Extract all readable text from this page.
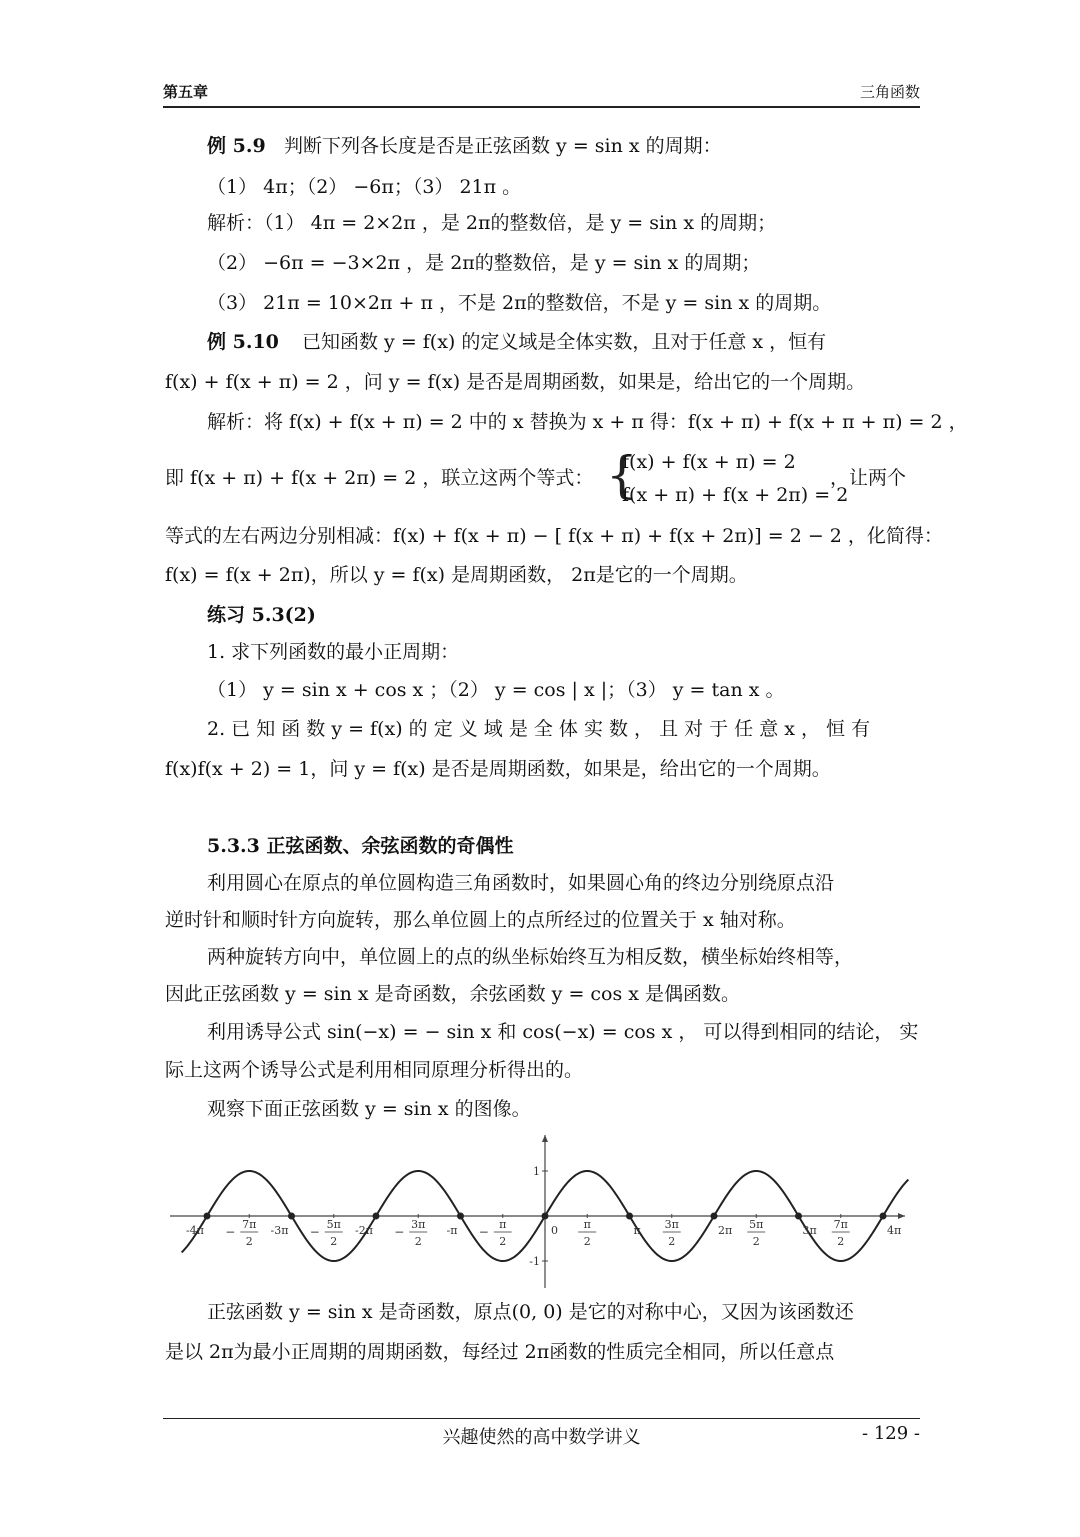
第五章	三角函数
例 5.9 判断下列各长度是否是正弦函数 y = sin x 的周期：
（1） 4π；（2） −6π；（3） 21π 。
解析：（1） 4π = 2×2π ，是 2π的整数倍，是 y = sin x 的周期；
（2） −6π = −3×2π ，是 2π的整数倍，是 y = sin x 的周期；
（3） 21π = 10×2π + π ，不是 2π的整数倍，不是 y = sin x 的周期。
例 5.10 已知函数 y = f(x) 的定义域是全体实数，且对于任意 x ，恒有
f(x) + f(x + π) = 2 ，问 y = f(x) 是否是周期函数，如果是，给出它的一个周期。
解析：将 f(x) + f(x + π) = 2 中的 x 替换为 x + π 得：f(x + π) + f(x + π + π) = 2 ，
即 f(x + π) + f(x + 2π) = 2 ，联立这两个等式： {
f(x) + f(x + π) = 2
f(x + π) + f(x + 2π) = 2
，让两个
等式的左右两边分别相减：f(x) + f(x + π) − [ f(x + π) + f(x + 2π)] = 2 − 2 ，化简得：
f(x) = f(x + 2π)，所以 y = f(x) 是周期函数， 2π是它的一个周期。
练习 5.3(2)
1. 求下列函数的最小正周期：
（1） y = sin x + cos x ；（2） y = cos | x |；（3） y = tan x 。
2. 已 知 函 数 y = f(x) 的 定 义 域 是 全 体 实 数 ， 且 对 于 任 意 x ， 恒 有
f(x)f(x + 2) = 1，问 y = f(x) 是否是周期函数，如果是，给出它的一个周期。
5.3.3 正弦函数、余弦函数的奇偶性
利用圆心在原点的单位圆构造三角函数时，如果圆心角的终边分别绕原点沿
逆时针和顺时针方向旋转，那么单位圆上的点所经过的位置关于 x 轴对称。
两种旋转方向中，单位圆上的点的纵坐标始终互为相反数，横坐标始终相等，
因此正弦函数 y = sin x 是奇函数，余弦函数 y = cos x 是偶函数。
利用诱导公式 sin(−x) = − sin x 和 cos(−x) = cos x ， 可以得到相同的结论， 实
际上这两个诱导公式是利用相同原理分析得出的。
观察下面正弦函数 y = sin x 的图像。
1
-1
0	π	2π	3π	4π
-4π	-3π	-2π	-π
7π
2
−
5π
2
−
3π
2
−
π
2
−
π
2
3π
2
5π
2
7π
2
正弦函数 y = sin x 是奇函数，原点(0, 0) 是它的对称中心，又因为该函数还
是以 2π为最小正周期的周期函数，每经过 2π函数的性质完全相同，所以任意点
兴趣使然的高中数学讲义	- 129 -
